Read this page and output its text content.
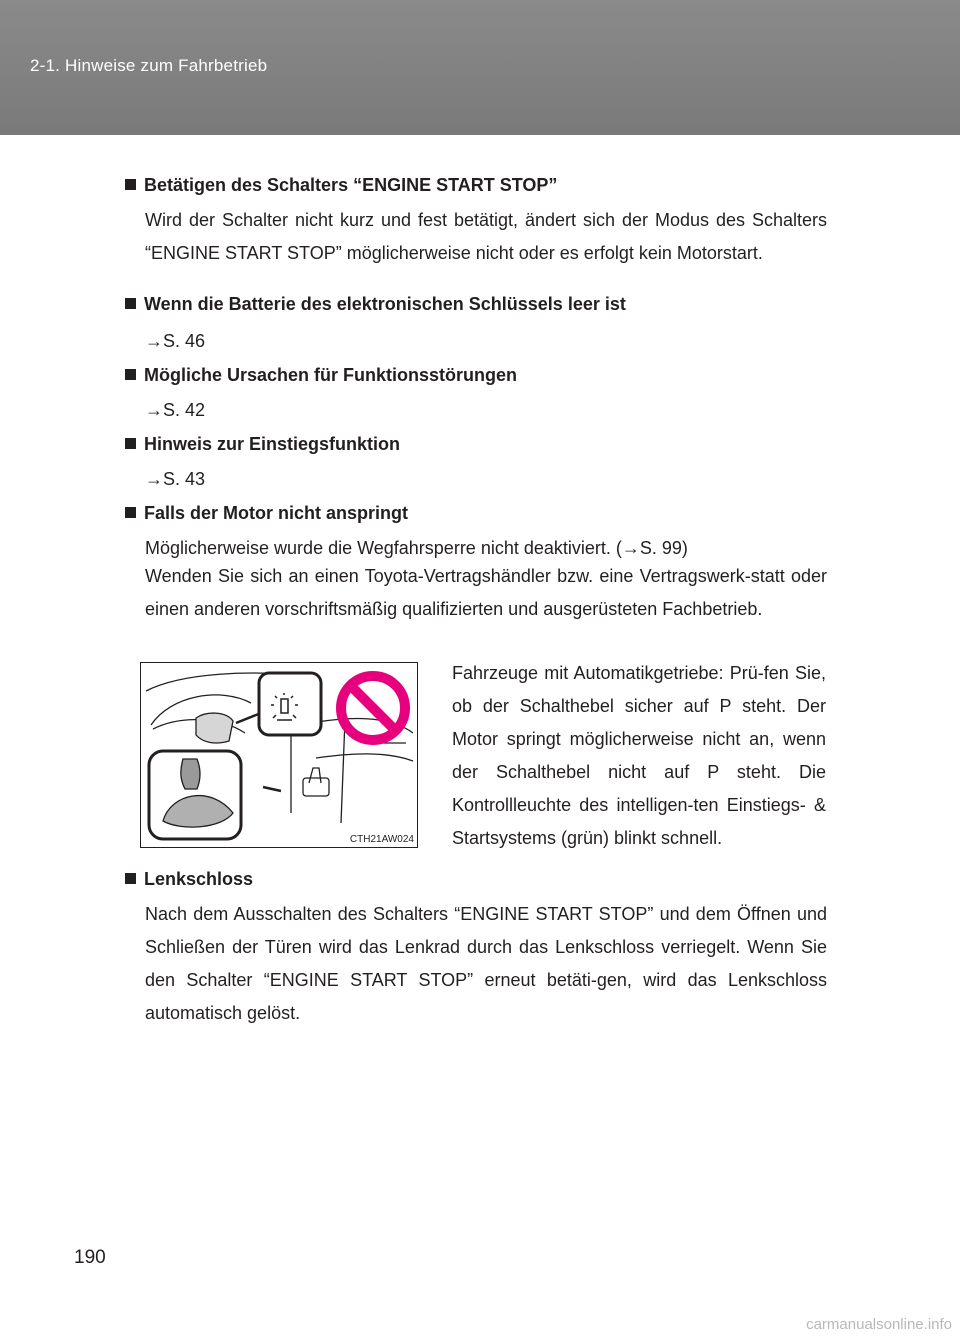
2-1. Hinweise zum Fahrbetrieb
Betätigen des Schalters “ENGINE START STOP”
Wird der Schalter nicht kurz und fest betätigt, ändert sich der Modus des Schalters “ENGINE START STOP” möglicherweise nicht oder es erfolgt kein Motorstart.
Wenn die Batterie des elektronischen Schlüssels leer ist
→S. 46
Mögliche Ursachen für Funktionsstörungen
→S. 42
Hinweis zur Einstiegsfunktion
→S. 43
Falls der Motor nicht anspringt
Möglicherweise wurde die Wegfahrsperre nicht deaktiviert. (→S. 99)
Wenden Sie sich an einen Toyota-Vertragshändler bzw. eine Vertragswerk-statt oder einen anderen vorschriftsmäßig qualifizierten und ausgerüsteten Fachbetrieb.
CTH21AW024
Fahrzeuge mit Automatikgetriebe: Prü-fen Sie, ob der Schalthebel sicher auf P steht. Der Motor springt möglicherweise nicht an, wenn der Schalthebel nicht auf P steht. Die Kontrollleuchte des intelligen-ten Einstiegs- & Startsystems (grün) blinkt schnell.
Lenkschloss
Nach dem Ausschalten des Schalters “ENGINE START STOP” und dem Öffnen und Schließen der Türen wird das Lenkrad durch das Lenkschloss verriegelt. Wenn Sie den Schalter “ENGINE START STOP” erneut betäti-gen, wird das Lenkschloss automatisch gelöst.
190
carmanualsonline.info
